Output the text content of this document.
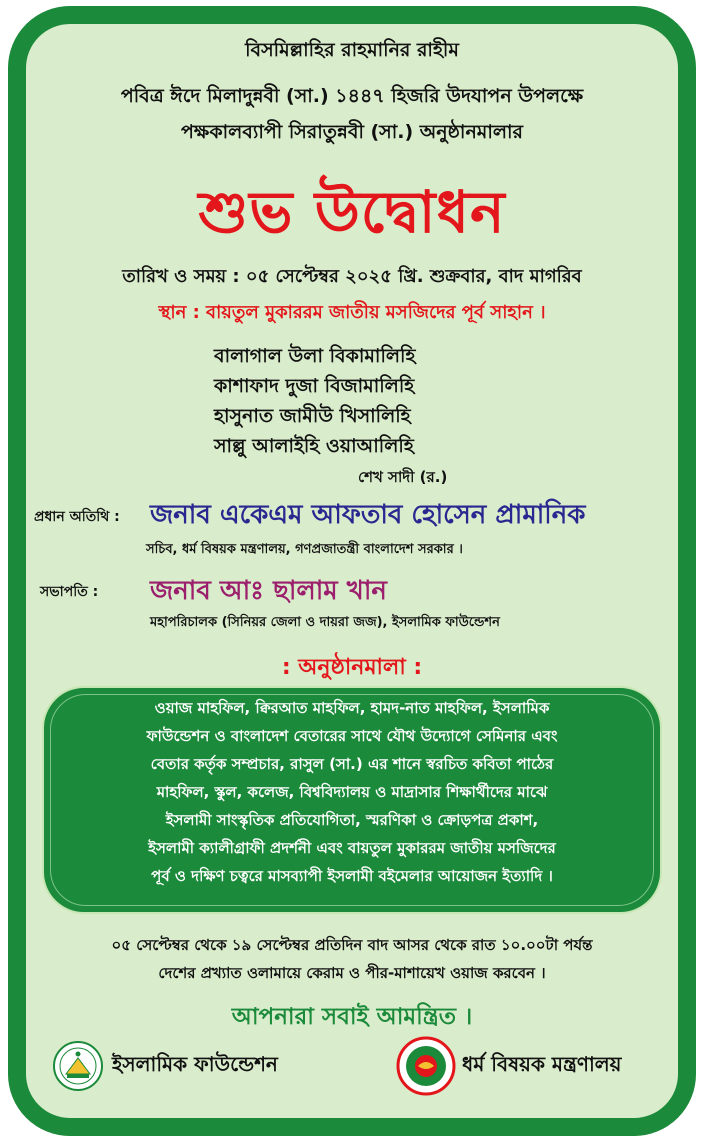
বিসমিল্লাহির রাহমানির রাহীম
পবিত্র ঈদে মিলাদুন্নবী (সা.) ১৪৪৭ হিজরি উদযাপন উপলক্ষে
পক্ষকালব্যাপী সিরাতুন্নবী (সা.) অনুষ্ঠানমালার
শুভ উদ্বোধন
তারিখ ও সময় : ০৫ সেপ্টেম্বর ২০২৫ খ্রি. শুক্রবার, বাদ মাগরিব
স্থান : বায়তুল মুকাররম জাতীয় মসজিদের পূর্ব সাহান ।
বালাগাল উলা বিকামালিহি
কাশাফাদ দুজা বিজামালিহি
হাসুনাত জামীউ খিসালিহি
সাল্লু আলাইহি ওয়াআলিহি
শেখ সাদী (র.)
প্রধান অতিথি : জনাব একেএম আফতাব হোসেন প্রামানিক
সচিব, ধর্ম বিষয়ক মন্ত্রণালয়, গণপ্রজাতন্ত্রী বাংলাদেশ সরকার ।
সভাপতি : জনাব আঃ ছালাম খান
মহাপরিচালক (সিনিয়র জেলা ও দায়রা জজ), ইসলামিক ফাউন্ডেশন
: অনুষ্ঠানমালা :
ওয়াজ মাহফিল, ক্বিরআত মাহফিল, হামদ-নাত মাহফিল, ইসলামিক
ফাউন্ডেশন ও বাংলাদেশ বেতারের সাথে যৌথ উদ্যোগে সেমিনার এবং
বেতার কর্তৃক সম্প্রচার, রাসুল (সা.) এর শানে স্বরচিত কবিতা পাঠের
মাহফিল, স্কুল, কলেজ, বিশ্ববিদ্যালয় ও মাদ্রাসার শিক্ষার্থীদের মাঝে
ইসলামী সাংস্কৃতিক প্রতিযোগিতা, স্মরণিকা ও ক্রোড়পত্র প্রকাশ,
ইসলামী ক্যালীগ্রাফী প্রদর্শনী এবং বায়তুল মুকাররম জাতীয় মসজিদের
পূর্ব ও দক্ষিণ চত্বরে মাসব্যাপী ইসলামী বইমেলার আয়োজন ইত্যাদি ।
০৫ সেপ্টেম্বর থেকে ১৯ সেপ্টেম্বর প্রতিদিন বাদ আসর থেকে রাত ১০.০০টা পর্যন্ত
দেশের প্রখ্যাত ওলামায়ে কেরাম ও পীর-মাশায়েখ ওয়াজ করবেন ।
আপনারা সবাই আমন্ত্রিত ।
ইসলামিক ফাউন্ডেশন	ধর্ম বিষয়ক মন্ত্রণালয়
